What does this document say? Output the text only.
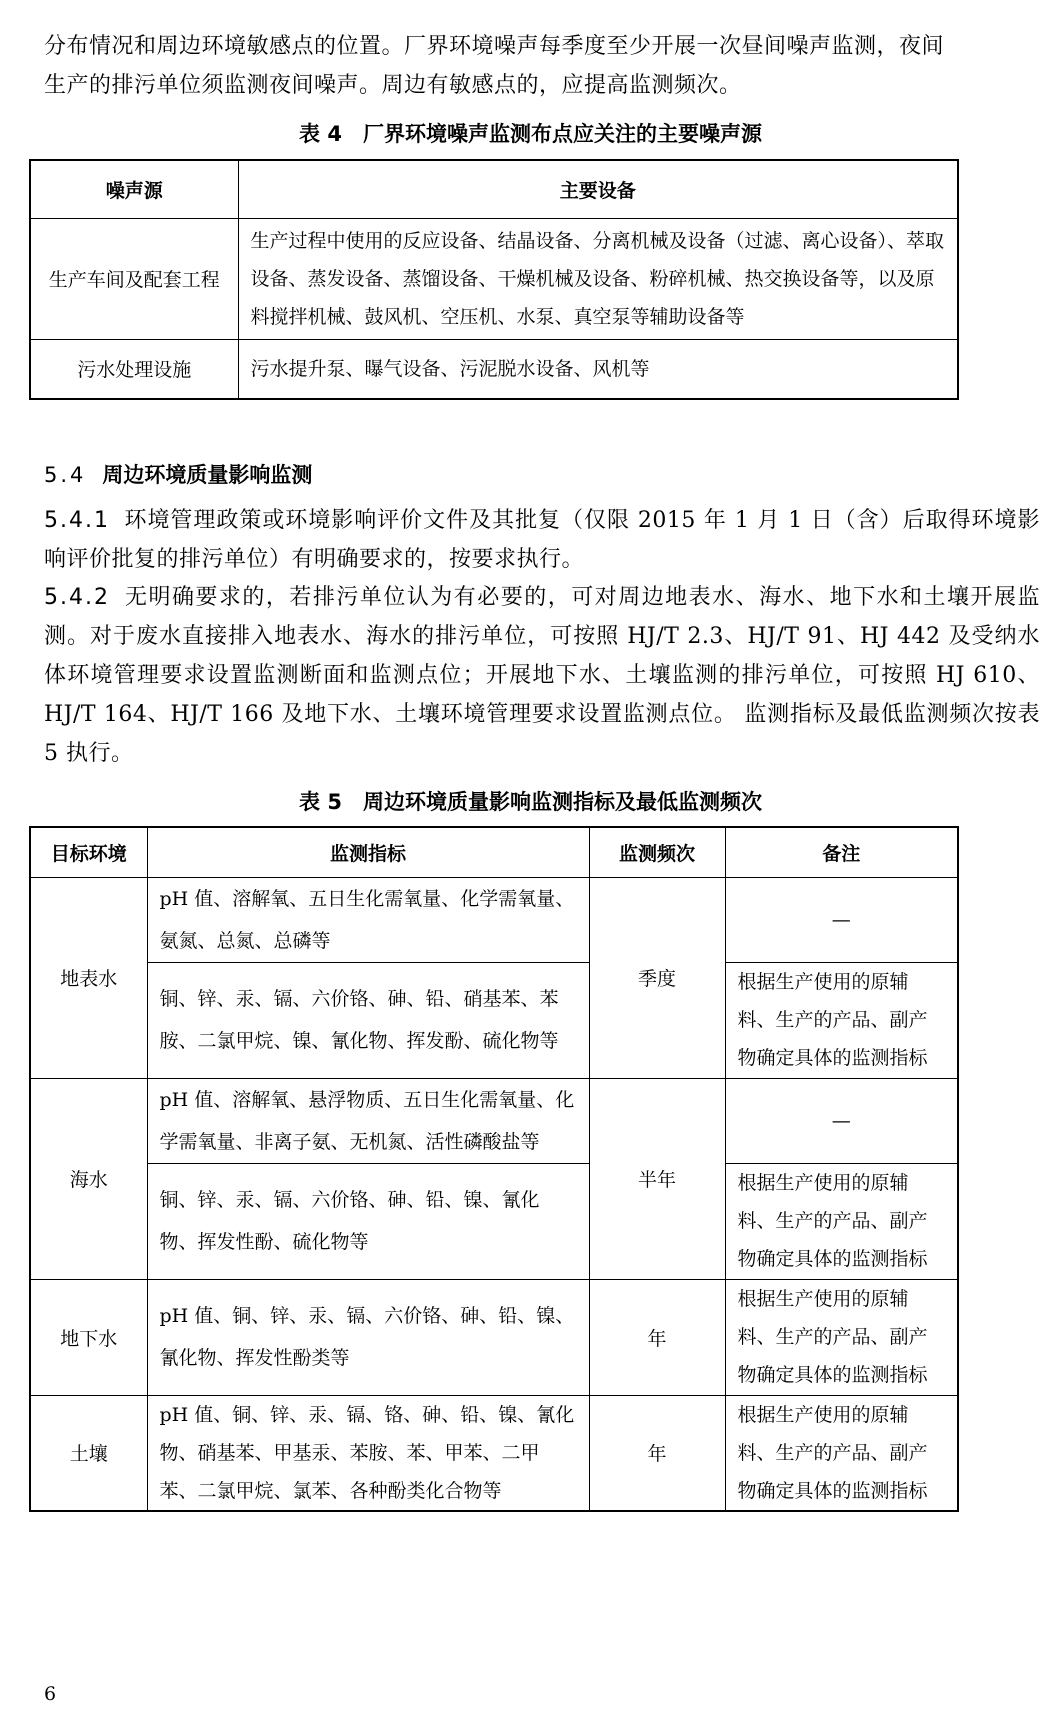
分布情况和周边环境敏感点的位置。厂界环境噪声每季度至少开展一次昼间噪声监测，夜间
生产的排污单位须监测夜间噪声。周边有敏感点的，应提高监测频次。

表 4　厂界环境噪声监测布点应关注的主要噪声源

噪声源	主要设备
生产车间及配套工程	生产过程中使用的反应设备、结晶设备、分离机械及设备（过滤、离心设备）、萃取设备、蒸发设备、蒸馏设备、干燥机械及设备、粉碎机械、热交换设备等，以及原料搅拌机械、鼓风机、空压机、水泵、真空泵等辅助设备等
污水处理设施	污水提升泵、曝气设备、污泥脱水设备、风机等

5.4 周边环境质量影响监测

5.4.1 环境管理政策或环境影响评价文件及其批复（仅限 2015 年 1 月 1 日（含）后取得环境影响评价批复的排污单位）有明确要求的，按要求执行。

5.4.2 无明确要求的，若排污单位认为有必要的，可对周边地表水、海水、地下水和土壤开展监测。对于废水直接排入地表水、海水的排污单位，可按照 HJ/T 2.3、HJ/T 91、HJ 442 及受纳水体环境管理要求设置监测断面和监测点位；开展地下水、土壤监测的排污单位，可按照 HJ 610、HJ/T 164、HJ/T 166 及地下水、土壤环境管理要求设置监测点位。 监测指标及最低监测频次按表 5 执行。

表 5　周边环境质量影响监测指标及最低监测频次

目标环境	监测指标	监测频次	备注
地表水	pH 值、溶解氧、五日生化需氧量、化学需氧量、氨氮、总氮、总磷等	季度	—
	铜、锌、汞、镉、六价铬、砷、铅、硝基苯、苯胺、二氯甲烷、镍、氰化物、挥发酚、硫化物等		根据生产使用的原辅料、生产的产品、副产物确定具体的监测指标
海水	pH 值、溶解氧、悬浮物质、五日生化需氧量、化学需氧量、非离子氨、无机氮、活性磷酸盐等	半年	—
	铜、锌、汞、镉、六价铬、砷、铅、镍、氰化物、挥发性酚、硫化物等		根据生产使用的原辅料、生产的产品、副产物确定具体的监测指标
地下水	pH 值、铜、锌、汞、镉、六价铬、砷、铅、镍、氰化物、挥发性酚类等	年	根据生产使用的原辅料、生产的产品、副产物确定具体的监测指标
土壤	pH 值、铜、锌、汞、镉、铬、砷、铅、镍、氰化物、硝基苯、甲基汞、苯胺、苯、甲苯、二甲苯、二氯甲烷、氯苯、各种酚类化合物等	年	根据生产使用的原辅料、生产的产品、副产物确定具体的监测指标

6
